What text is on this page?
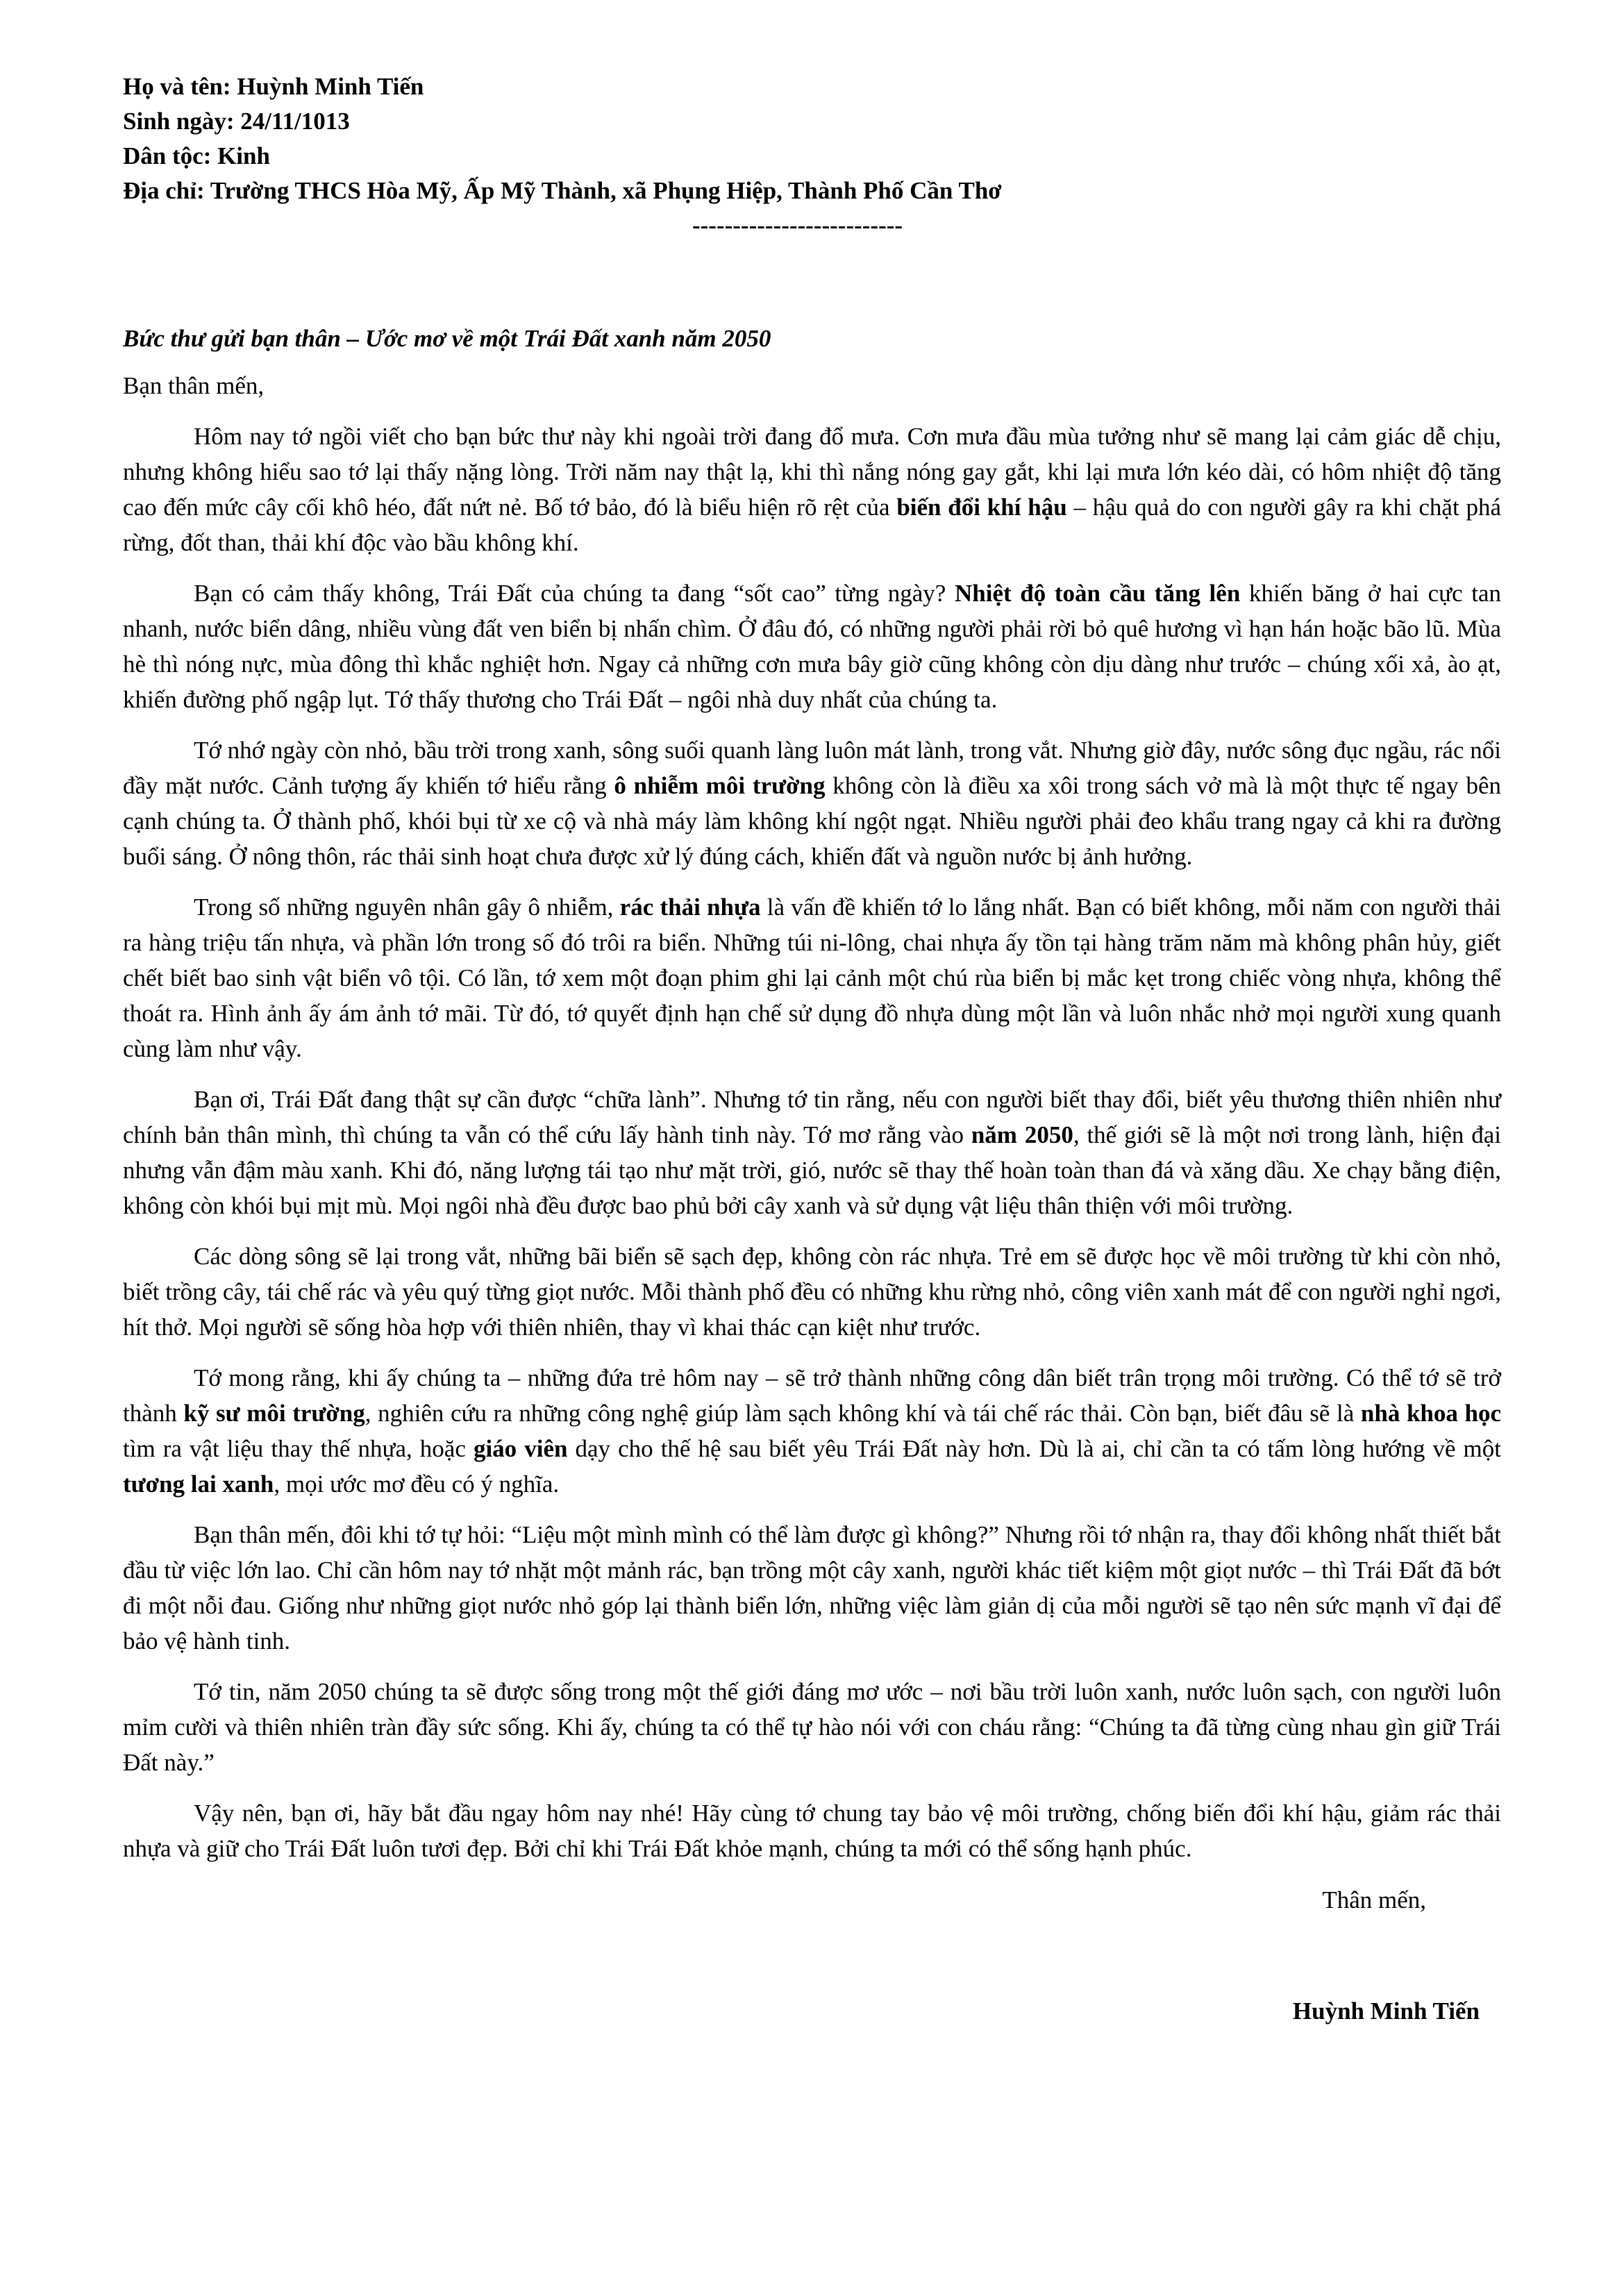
Họ và tên: Huỳnh Minh Tiến

Sinh ngày: 24/11/1013

Dân tộc: Kinh

Địa chỉ: Trường THCS Hòa Mỹ, Ấp Mỹ Thành, xã Phụng Hiệp, Thành Phố Cần Thơ

--------------------------

Bức thư gửi bạn thân – Ước mơ về một Trái Đất xanh năm 2050

Bạn thân mến,

Hôm nay tớ ngồi viết cho bạn bức thư này khi ngoài trời đang đổ mưa. Cơn mưa đầu mùa tưởng như sẽ mang lại cảm giác dễ chịu, nhưng không hiểu sao tớ lại thấy nặng lòng. Trời năm nay thật lạ, khi thì nắng nóng gay gắt, khi lại mưa lớn kéo dài, có hôm nhiệt độ tăng cao đến mức cây cối khô héo, đất nứt nẻ. Bố tớ bảo, đó là biểu hiện rõ rệt của biến đổi khí hậu – hậu quả do con người gây ra khi chặt phá rừng, đốt than, thải khí độc vào bầu không khí.

Bạn có cảm thấy không, Trái Đất của chúng ta đang “sốt cao” từng ngày? Nhiệt độ toàn cầu tăng lên khiến băng ở hai cực tan nhanh, nước biển dâng, nhiều vùng đất ven biển bị nhấn chìm. Ở đâu đó, có những người phải rời bỏ quê hương vì hạn hán hoặc bão lũ. Mùa hè thì nóng nực, mùa đông thì khắc nghiệt hơn. Ngay cả những cơn mưa bây giờ cũng không còn dịu dàng như trước – chúng xối xả, ào ạt, khiến đường phố ngập lụt. Tớ thấy thương cho Trái Đất – ngôi nhà duy nhất của chúng ta.

Tớ nhớ ngày còn nhỏ, bầu trời trong xanh, sông suối quanh làng luôn mát lành, trong vắt. Nhưng giờ đây, nước sông đục ngầu, rác nổi đầy mặt nước. Cảnh tượng ấy khiến tớ hiểu rằng ô nhiễm môi trường không còn là điều xa xôi trong sách vở mà là một thực tế ngay bên cạnh chúng ta. Ở thành phố, khói bụi từ xe cộ và nhà máy làm không khí ngột ngạt. Nhiều người phải đeo khẩu trang ngay cả khi ra đường buổi sáng. Ở nông thôn, rác thải sinh hoạt chưa được xử lý đúng cách, khiến đất và nguồn nước bị ảnh hưởng.

Trong số những nguyên nhân gây ô nhiễm, rác thải nhựa là vấn đề khiến tớ lo lắng nhất. Bạn có biết không, mỗi năm con người thải ra hàng triệu tấn nhựa, và phần lớn trong số đó trôi ra biển. Những túi ni-lông, chai nhựa ấy tồn tại hàng trăm năm mà không phân hủy, giết chết biết bao sinh vật biển vô tội. Có lần, tớ xem một đoạn phim ghi lại cảnh một chú rùa biển bị mắc kẹt trong chiếc vòng nhựa, không thể thoát ra. Hình ảnh ấy ám ảnh tớ mãi. Từ đó, tớ quyết định hạn chế sử dụng đồ nhựa dùng một lần và luôn nhắc nhở mọi người xung quanh cùng làm như vậy.

Bạn ơi, Trái Đất đang thật sự cần được “chữa lành”. Nhưng tớ tin rằng, nếu con người biết thay đổi, biết yêu thương thiên nhiên như chính bản thân mình, thì chúng ta vẫn có thể cứu lấy hành tinh này. Tớ mơ rằng vào năm 2050, thế giới sẽ là một nơi trong lành, hiện đại nhưng vẫn đậm màu xanh. Khi đó, năng lượng tái tạo như mặt trời, gió, nước sẽ thay thế hoàn toàn than đá và xăng dầu. Xe chạy bằng điện, không còn khói bụi mịt mù. Mọi ngôi nhà đều được bao phủ bởi cây xanh và sử dụng vật liệu thân thiện với môi trường.

Các dòng sông sẽ lại trong vắt, những bãi biển sẽ sạch đẹp, không còn rác nhựa. Trẻ em sẽ được học về môi trường từ khi còn nhỏ, biết trồng cây, tái chế rác và yêu quý từng giọt nước. Mỗi thành phố đều có những khu rừng nhỏ, công viên xanh mát để con người nghỉ ngơi, hít thở. Mọi người sẽ sống hòa hợp với thiên nhiên, thay vì khai thác cạn kiệt như trước.

Tớ mong rằng, khi ấy chúng ta – những đứa trẻ hôm nay – sẽ trở thành những công dân biết trân trọng môi trường. Có thể tớ sẽ trở thành kỹ sư môi trường, nghiên cứu ra những công nghệ giúp làm sạch không khí và tái chế rác thải. Còn bạn, biết đâu sẽ là nhà khoa học tìm ra vật liệu thay thế nhựa, hoặc giáo viên dạy cho thế hệ sau biết yêu Trái Đất này hơn. Dù là ai, chỉ cần ta có tấm lòng hướng về một tương lai xanh, mọi ước mơ đều có ý nghĩa.

Bạn thân mến, đôi khi tớ tự hỏi: “Liệu một mình mình có thể làm được gì không?” Nhưng rồi tớ nhận ra, thay đổi không nhất thiết bắt đầu từ việc lớn lao. Chỉ cần hôm nay tớ nhặt một mảnh rác, bạn trồng một cây xanh, người khác tiết kiệm một giọt nước – thì Trái Đất đã bớt đi một nỗi đau. Giống như những giọt nước nhỏ góp lại thành biển lớn, những việc làm giản dị của mỗi người sẽ tạo nên sức mạnh vĩ đại để bảo vệ hành tinh.

Tớ tin, năm 2050 chúng ta sẽ được sống trong một thế giới đáng mơ ước – nơi bầu trời luôn xanh, nước luôn sạch, con người luôn mỉm cười và thiên nhiên tràn đầy sức sống. Khi ấy, chúng ta có thể tự hào nói với con cháu rằng: “Chúng ta đã từng cùng nhau gìn giữ Trái Đất này.”

Vậy nên, bạn ơi, hãy bắt đầu ngay hôm nay nhé! Hãy cùng tớ chung tay bảo vệ môi trường, chống biến đổi khí hậu, giảm rác thải nhựa và giữ cho Trái Đất luôn tươi đẹp. Bởi chỉ khi Trái Đất khỏe mạnh, chúng ta mới có thể sống hạnh phúc.

Thân mến,

Huỳnh Minh Tiến
